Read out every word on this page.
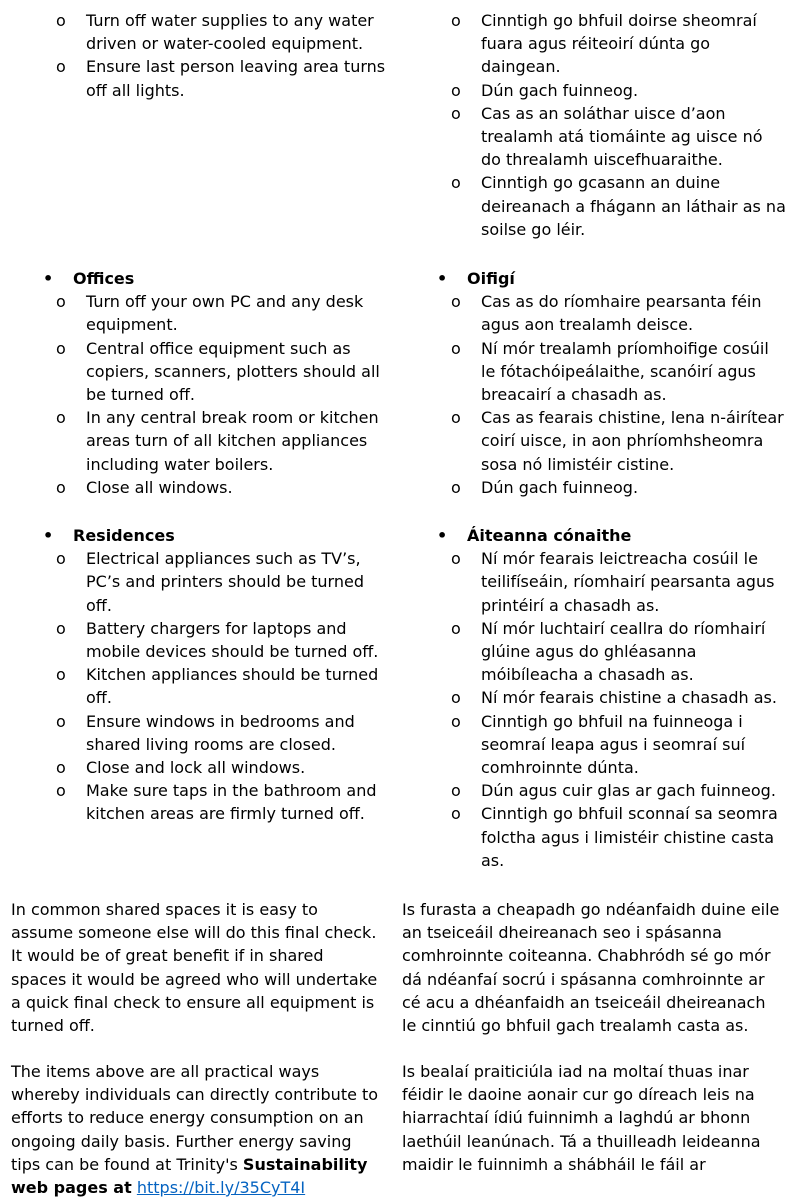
o Turn off water supplies to any water driven or water-cooled equipment.
o Ensure last person leaving area turns off all lights.
• Offices
o Turn off your own PC and any desk equipment.
o Central office equipment such as copiers, scanners, plotters should all be turned off.
o In any central break room or kitchen areas turn of all kitchen appliances including water boilers.
o Close all windows.
• Residences
o Electrical appliances such as TV’s, PC’s and printers should be turned off.
o Battery chargers for laptops and mobile devices should be turned off.
o Kitchen appliances should be turned off.
o Ensure windows in bedrooms and shared living rooms are closed.
o Close and lock all windows.
o Make sure taps in the bathroom and kitchen areas are firmly turned off.

In common shared spaces it is easy to assume someone else will do this final check. It would be of great benefit if in shared spaces it would be agreed who will undertake a quick final check to ensure all equipment is turned off.

The items above are all practical ways whereby individuals can directly contribute to efforts to reduce energy consumption on an ongoing daily basis. Further energy saving tips can be found at Trinity's Sustainability web pages at https://bit.ly/35CyT4I

o Cinntigh go bhfuil doirse sheomraí fuara agus réiteoirí dúnta go daingean.
o Dún gach fuinneog.
o Cas as an soláthar uisce d’aon trealamh atá tiomáinte ag uisce nó do threalamh uiscefhuaraithe.
o Cinntigh go gcasann an duine deireanach a fhágann an láthair as na soilse go léir.
• Oifigí
o Cas as do ríomhaire pearsanta féin agus aon trealamh deisce.
o Ní mór trealamh príomhoifige cosúil le fótachóipeálaithe, scanóirí agus breacairí a chasadh as.
o Cas as fearais chistine, lena n-áirítear coirí uisce, in aon phríomhsheomra sosa nó limistéir cistine.
o Dún gach fuinneog.
• Áiteanna cónaithe
o Ní mór fearais leictreacha cosúil le teilifíseáin, ríomhairí pearsanta agus printéirí a chasadh as.
o Ní mór luchtairí ceallra do ríomhairí glúine agus do ghléasanna móibíleacha a chasadh as.
o Ní mór fearais chistine a chasadh as.
o Cinntigh go bhfuil na fuinneoga i seomraí leapa agus i seomraí suí comhroinnte dúnta.
o Dún agus cuir glas ar gach fuinneog.
o Cinntigh go bhfuil sconnaí sa seomra folctha agus i limistéir chistine casta as.

Is furasta a cheapadh go ndéanfaidh duine eile an tseiceáil dheireanach seo i spásanna comhroinnte coiteanna. Chabhródh sé go mór dá ndéanfaí socrú i spásanna comhroinnte ar cé acu a dhéanfaidh an tseiceáil dheireanach le cinntiú go bhfuil gach trealamh casta as.

Is bealaí praiticiúla iad na moltaí thuas inar féidir le daoine aonair cur go díreach leis na hiarrachtaí ídiú fuinnimh a laghdú ar bhonn laethúil leanúnach. Tá a thuilleadh leideanna maidir le fuinnimh a shábháil le fáil ar
